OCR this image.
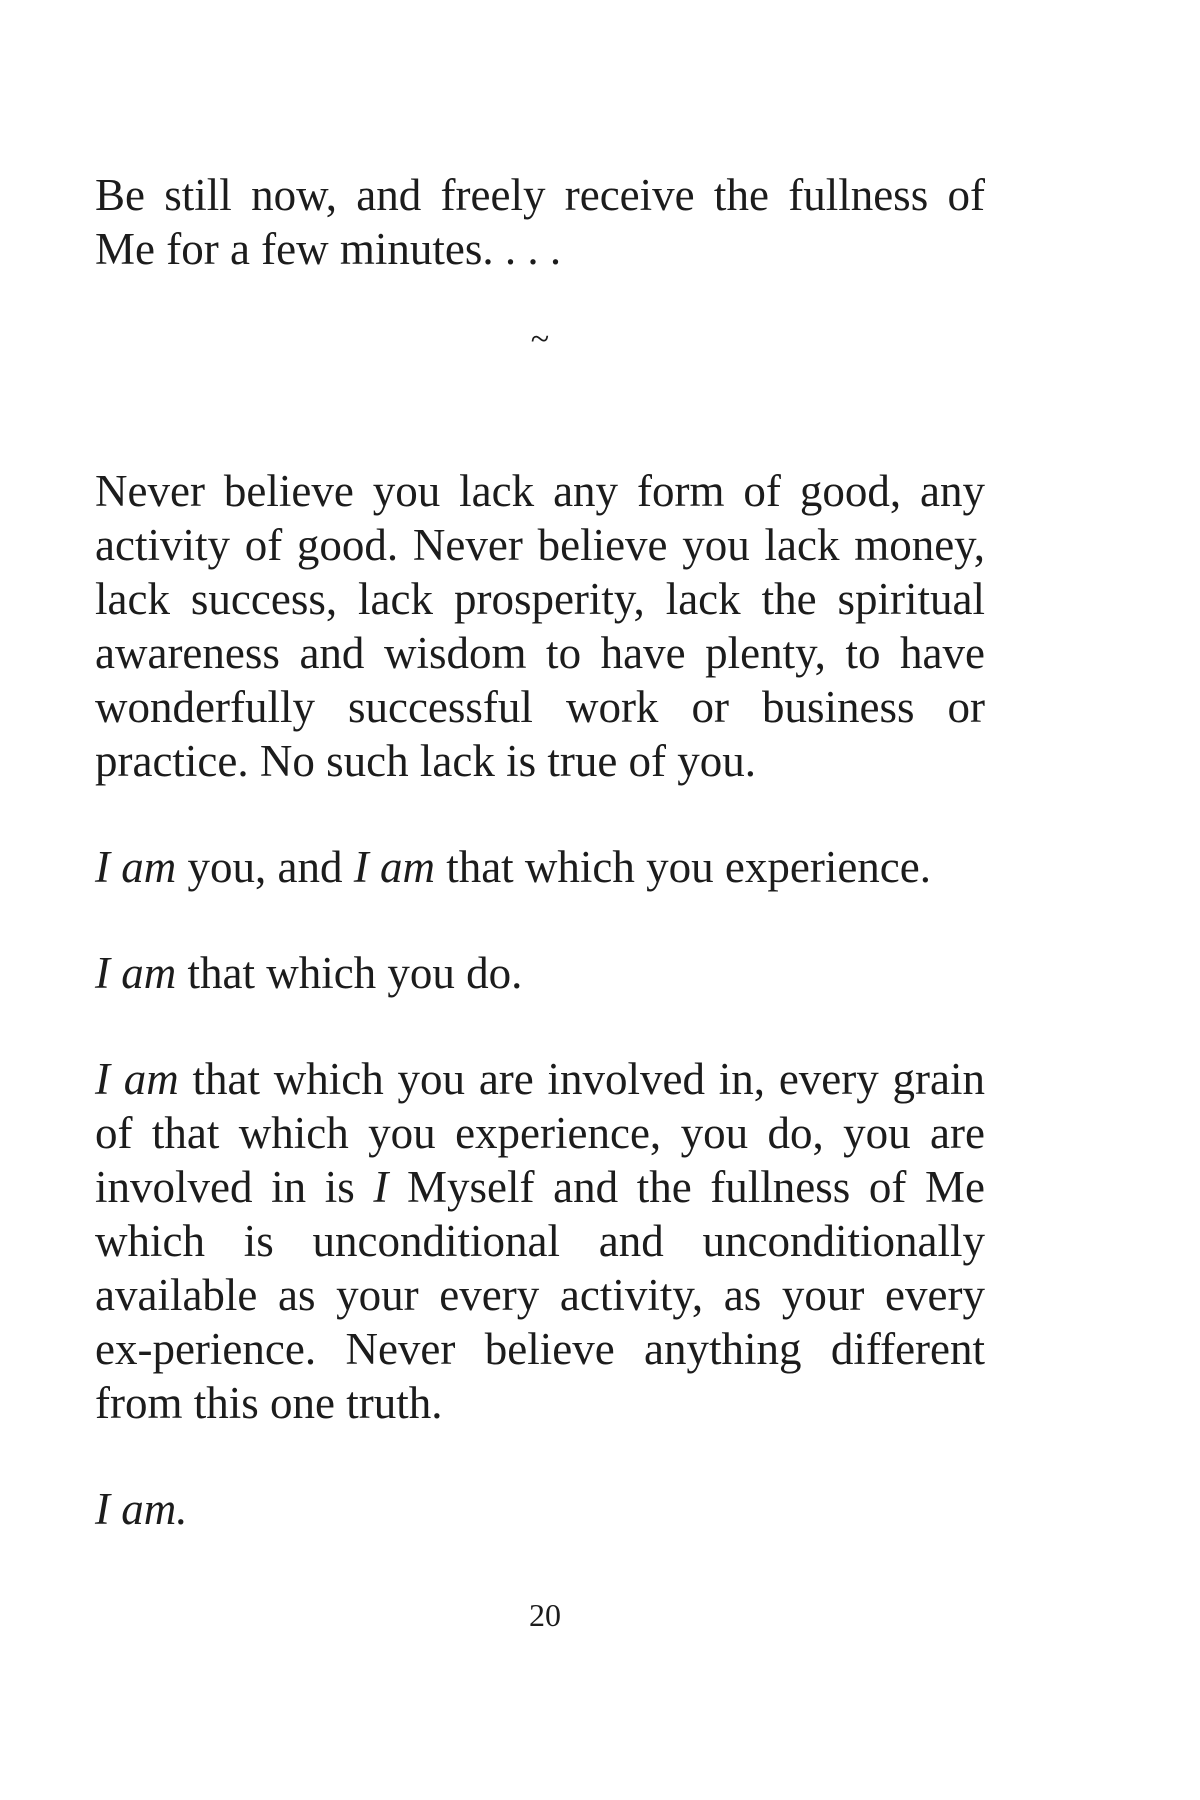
Be still now, and freely receive the fullness of Me for a few minutes. . . .

~

Never believe you lack any form of good, any activity of good. Never believe you lack money, lack success, lack prosperity, lack the spiritual awareness and wisdom to have plenty, to have wonderfully successful work or business or practice. No such lack is true of you.

I am you, and I am that which you experience.

I am that which you do.

I am that which you are involved in, every grain of that which you experience, you do, you are involved in is I Myself and the fullness of Me which is unconditional and unconditionally available as your every activity, as your every ex-perience. Never believe anything different from this one truth.

I am.

20
